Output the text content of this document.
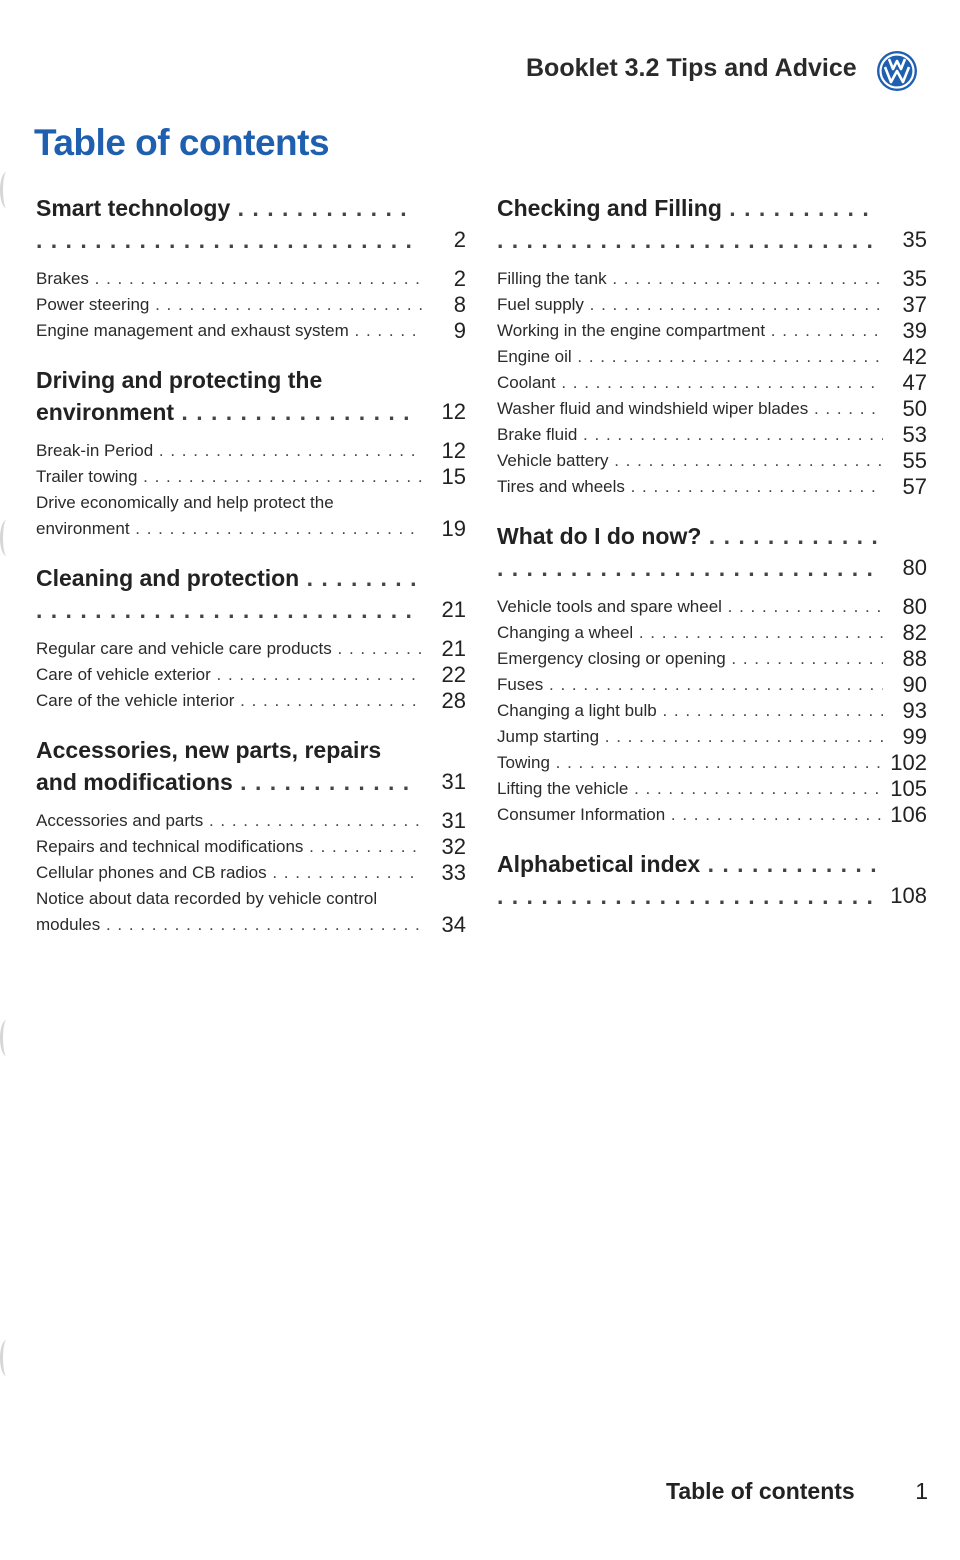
Booklet 3.2 Tips and Advice
Table of contents
Smart technology . . .
2
Brakes . . .	2
Power steering . . .	8
Engine management and exhaust system . . .	9
Driving and protecting the environment . . .	12
Break-in Period . . .	12
Trailer towing . . .	15
Drive economically and help protect the environment . . .	19
Cleaning and protection . . .
21
Regular care and vehicle care products . . .	21
Care of vehicle exterior . . .	22
Care of the vehicle interior . . .	28
Accessories, new parts, repairs and modifications . . .	31
Accessories and parts . . .	31
Repairs and technical modifications . . .	32
Cellular phones and CB radios . . .	33
Notice about data recorded by vehicle control modules . . .	34
Checking and Filling . . .
35
Filling the tank . . .	35
Fuel supply . . .	37
Working in the engine compartment . . .	39
Engine oil . . .	42
Coolant . . .	47
Washer fluid and windshield wiper blades . . .	50
Brake fluid . . .	53
Vehicle battery . . .	55
Tires and wheels . . .	57
What do I do now? . . .
80
Vehicle tools and spare wheel . . .	80
Changing a wheel . . .	82
Emergency closing or opening . . .	88
Fuses . . .	90
Changing a light bulb . . .	93
Jump starting . . .	99
Towing . . .	102
Lifting the vehicle . . .	105
Consumer Information . . .	106
Alphabetical index . . .
108
Table of contents	1
